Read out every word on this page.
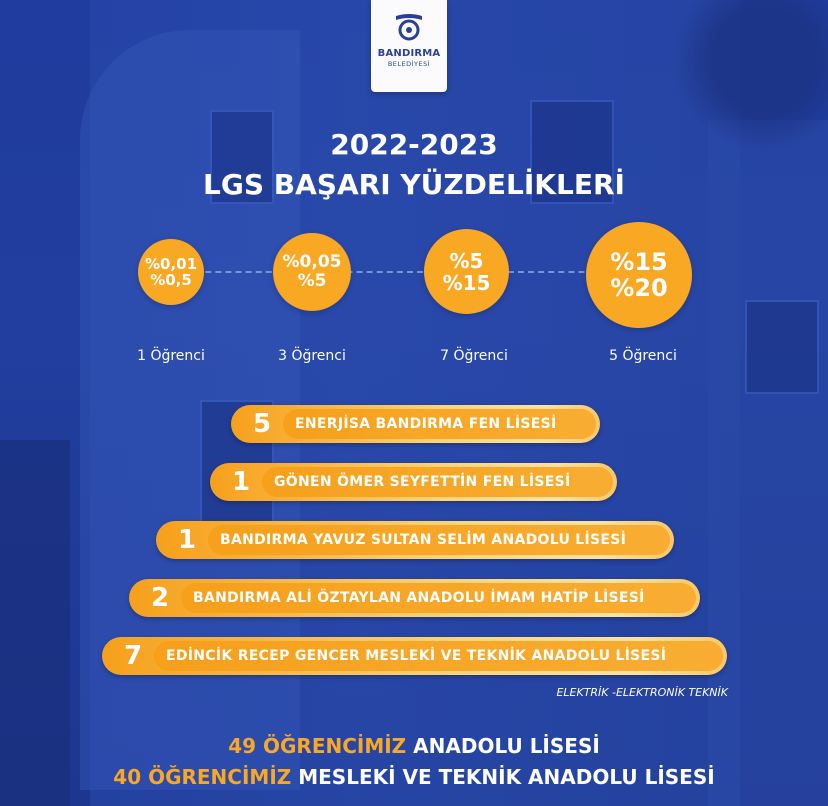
BANDIRMA
BELEDİYESİ
2022-2023
LGS BAŞARI YÜZDELİKLERİ
%0,01
%0,5
%0,05
%5
%5
%15
%15
%20
1 Öğrenci	3 Öğrenci	7 Öğrenci	5 Öğrenci
5	ENERJİSA BANDIRMA FEN LİSESİ
1	GÖNEN ÖMER SEYFETTİN FEN LİSESİ
1	BANDIRMA YAVUZ SULTAN SELİM ANADOLU LİSESİ
2	BANDIRMA ALİ ÖZTAYLAN ANADOLU İMAM HATİP LİSESİ
7	EDİNCİK RECEP GENCER MESLEKİ VE TEKNİK ANADOLU LİSESİ
ELEKTRİK -ELEKTRONİK TEKNİK
49 ÖĞRENCİMİZ ANADOLU LİSESİ
40 ÖĞRENCİMİZ MESLEKİ VE TEKNİK ANADOLU LİSESİ
